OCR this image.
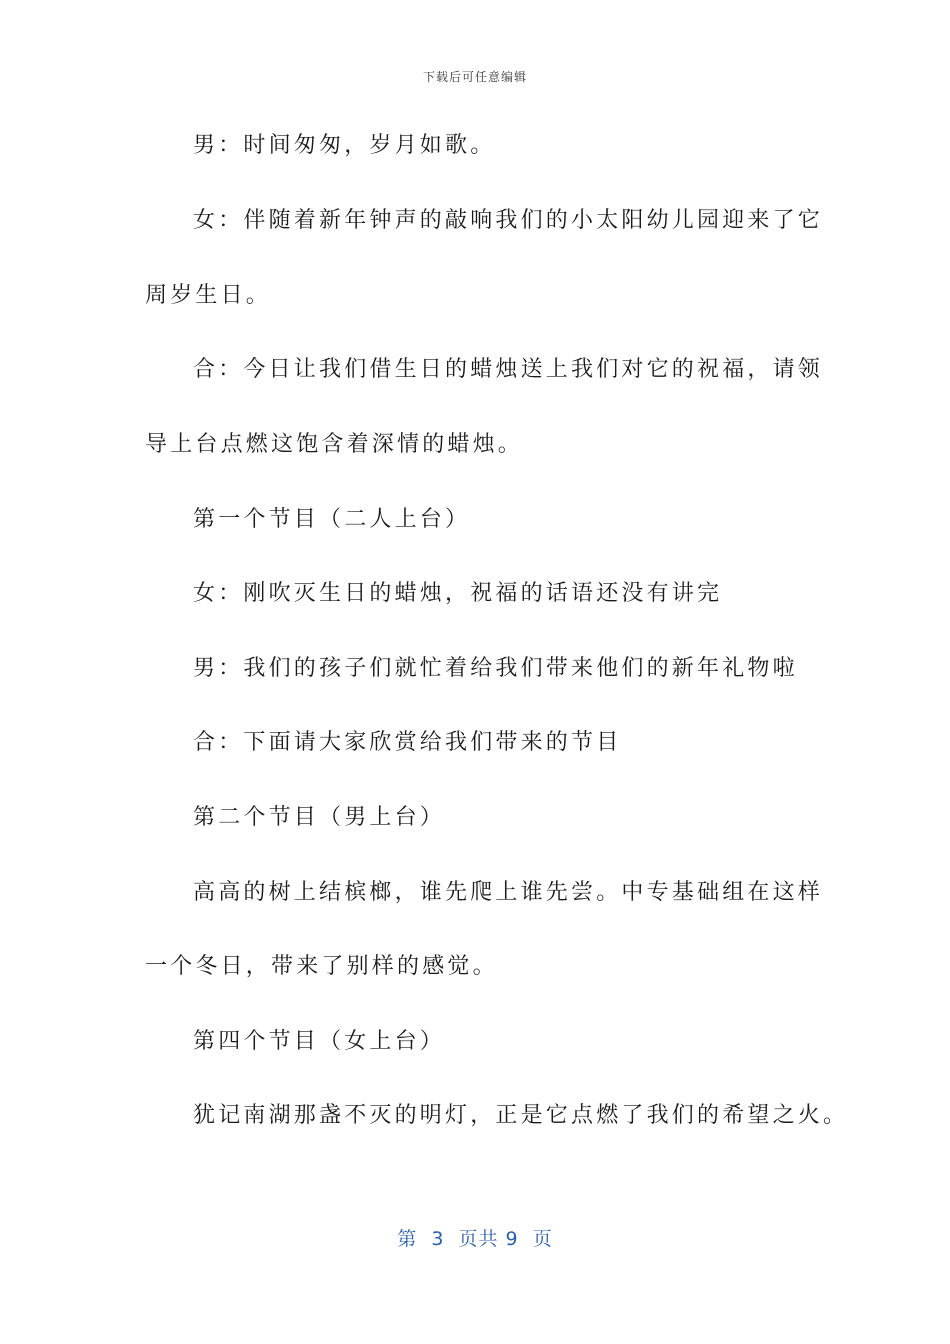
下载后可任意编辑
男：时间匆匆，岁月如歌。
女：伴随着新年钟声的敲响我们的小太阳幼儿园迎来了它
周岁生日。
合：今日让我们借生日的蜡烛送上我们对它的祝福，请领
导上台点燃这饱含着深情的蜡烛。
第一个节目（二人上台）
女：刚吹灭生日的蜡烛，祝福的话语还没有讲完
男：我们的孩子们就忙着给我们带来他们的新年礼物啦
合：下面请大家欣赏给我们带来的节目
第二个节目（男上台）
高高的树上结槟榔，谁先爬上谁先尝。中专基础组在这样
一个冬日，带来了别样的感觉。
第四个节目（女上台）
犹记南湖那盏不灭的明灯，正是它点燃了我们的希望之火。
第  3  页共 9  页
